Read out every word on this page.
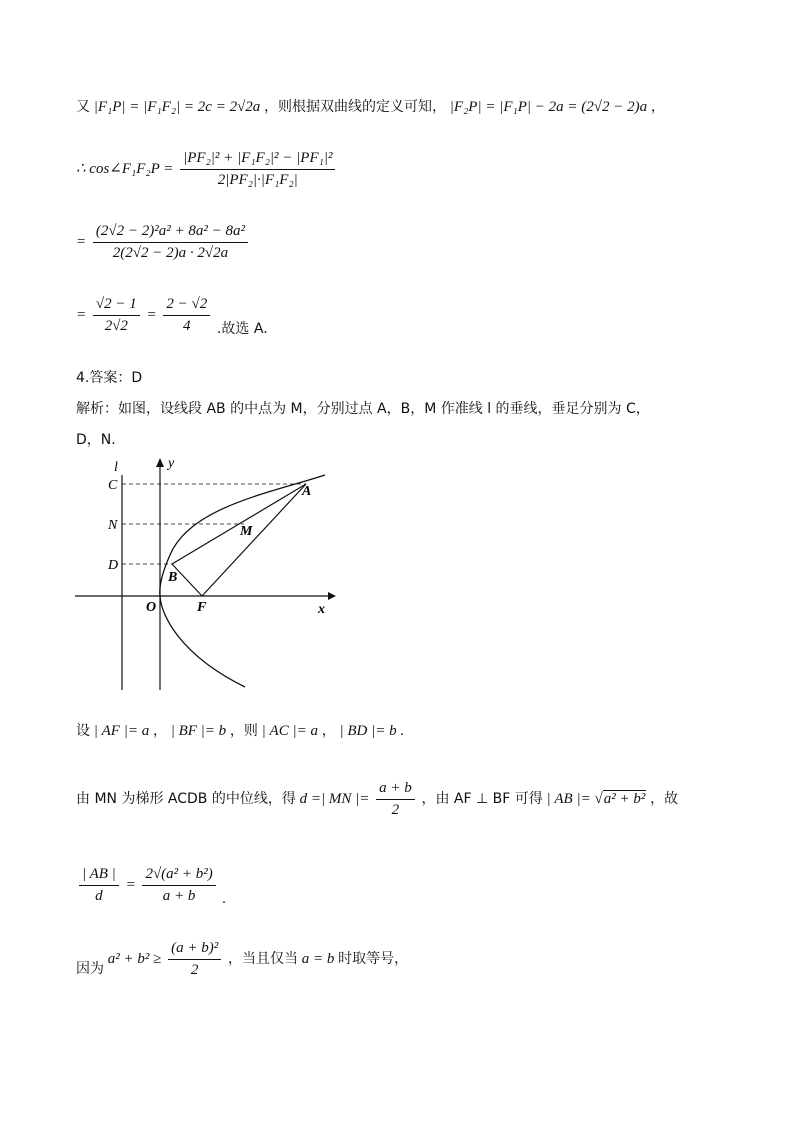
又 |F₁P| = |F₁F₂| = 2c = 2√2a ，则根据双曲线的定义可知， |F₂P| = |F₁P| − 2a = (2√2 − 2)a ，
∴ cos∠F₁F₂P = $\frac{\text{|PF₂|² + |F₁F₂|² − |PF₁|²}}{\text{2|PF₂|·|F₁F₂|}}$
= $\frac{\text{(2√2 − 2)²a² + 8a² − 8a²}}{2(2√2 - 2)a \cdot 2√2a}$
= $\frac{√2 - 1}{2√2} = \frac{2 - √2}{4}$ .故选 A.
4.答案：D
解析：如图，设线段 AB 的中点为 M，分别过点 A，B，M 作准线 l 的垂线，垂足分别为 C，
D，N.
l	y
x
C
N
D
A
M
B
O	F
设 | AF |= a ， | BF |= b ，则 | AC |= a ， | BD |= b .
由 MN 为梯形 ACDB 的中位线，得 d =| MN |= $\frac{a + b}{2}$ ，由 AF ⊥ BF 可得 | AB |= √a² + b² ，故
$\frac{| AB |}{d} = \frac{\text{2√(a² + b²)}}{a + b}$ .
因为 $a^2 + b^2 \ge \frac{\text{(a + b)²}}{2}$ ，当且仅当 a = b 时取等号，
